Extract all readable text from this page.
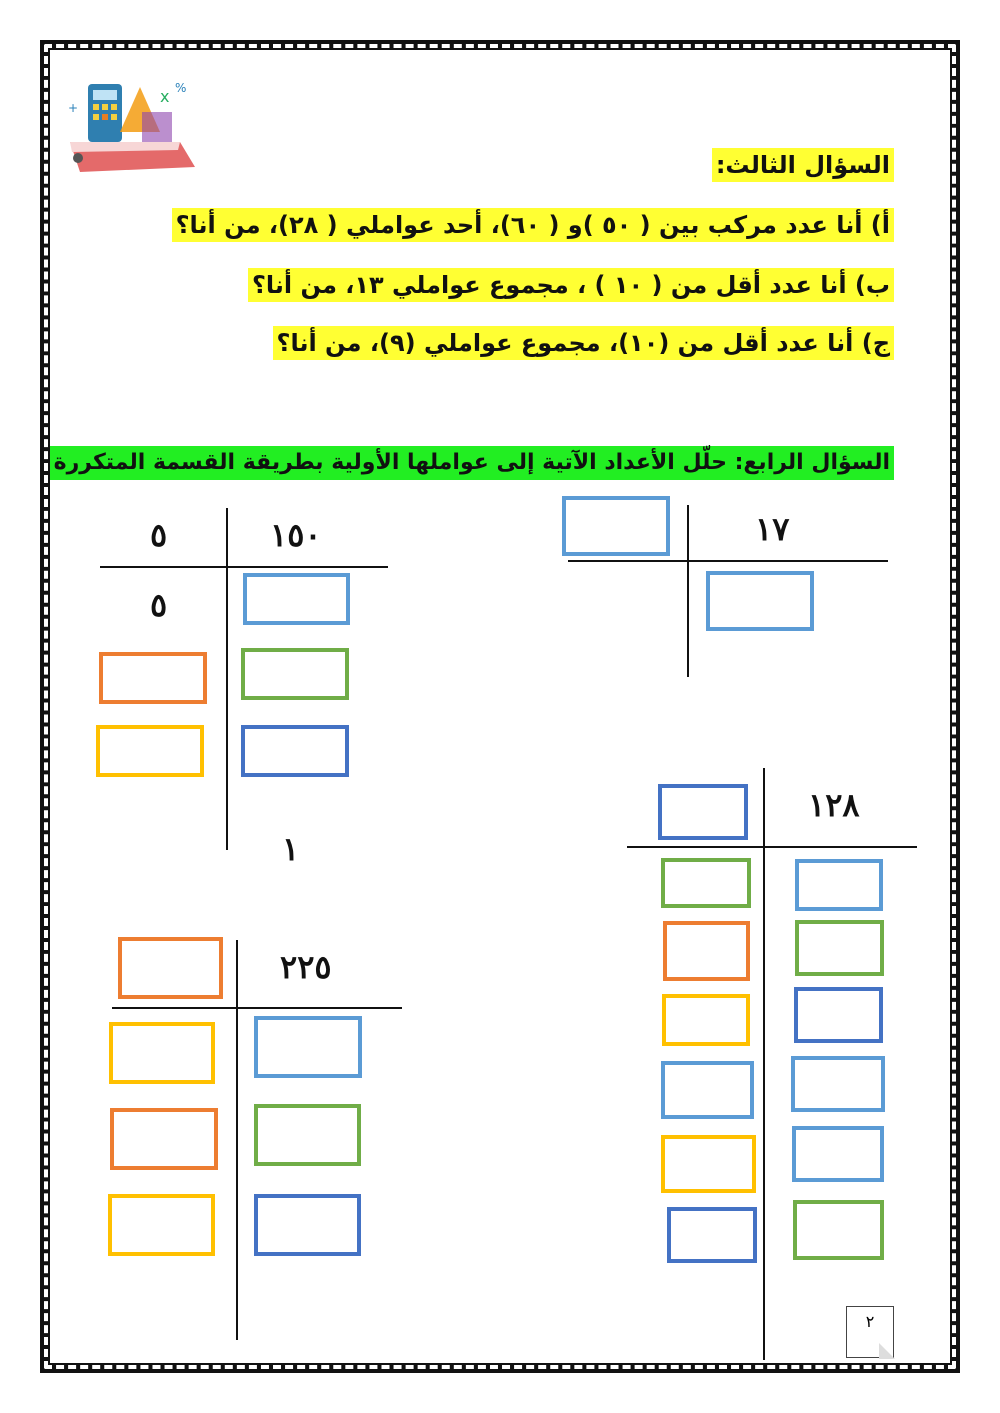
x %
+
السؤال الثالث:
أ) أنا عدد مركب بين ( ٥٠ )و ( ٦٠)، أحد عواملي ( ٢٨)، من أنا؟
ب) أنا عدد أقل من ( ١٠ ) ، مجموع عواملي ١٣، من أنا؟
ج) أنا عدد أقل من (١٠)، مجموع عواملي (٩)، من أنا؟
السؤال الرابع: حلّل الأعداد الآتية إلى عواملها الأولية بطريقة القسمة المتكررة
١٧
١٥٠
٥
٥
١
١٢٨
٢٢٥
٢
